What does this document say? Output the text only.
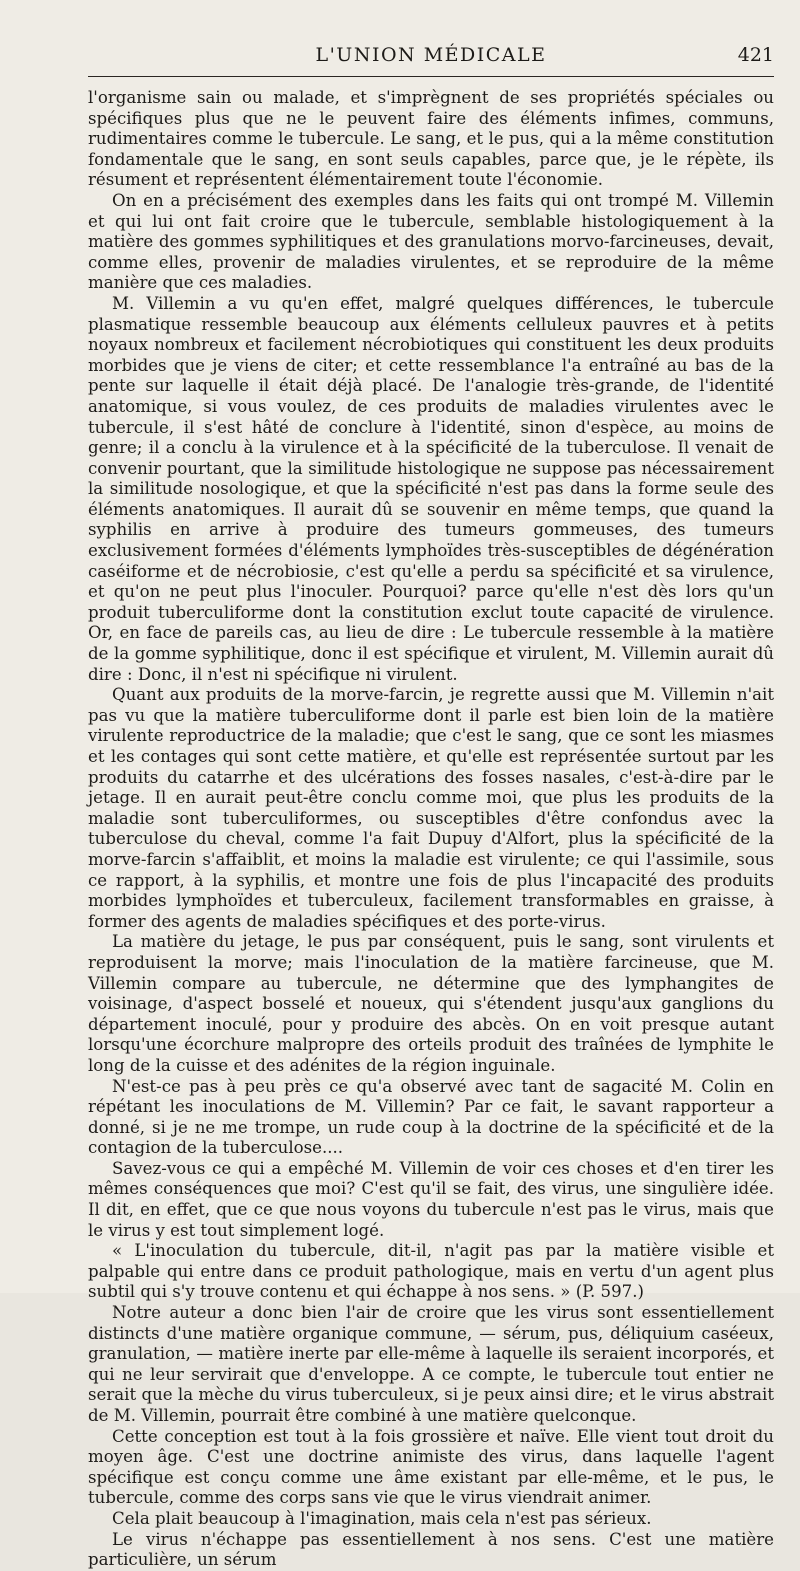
L'UNION MÉDICALE	421

l'organisme sain ou malade, et s'imprègnent de ses propriétés spéciales ou spécifiques plus que ne le peuvent faire des éléments infimes, communs, rudimentaires comme le tubercule. Le sang, et le pus, qui a la même constitution fondamentale que le sang, en sont seuls capables, parce que, je le répète, ils résument et représentent élémentairement toute l'économie.

On en a précisément des exemples dans les faits qui ont trompé M. Villemin et qui lui ont fait croire que le tubercule, semblable histologiquement à la matière des gommes syphilitiques et des granulations morvo-farcineuses, devait, comme elles, provenir de maladies virulentes, et se reproduire de la même manière que ces maladies.

M. Villemin a vu qu'en effet, malgré quelques différences, le tubercule plasmatique ressemble beaucoup aux éléments celluleux pauvres et à petits noyaux nombreux et facilement nécrobiotiques qui constituent les deux produits morbides que je viens de citer; et cette ressemblance l'a entraîné au bas de la pente sur laquelle il était déjà placé. De l'analogie très-grande, de l'identité anatomique, si vous voulez, de ces produits de maladies virulentes avec le tubercule, il s'est hâté de conclure à l'identité, sinon d'espèce, au moins de genre; il a conclu à la virulence et à la spécificité de la tuberculose. Il venait de convenir pourtant, que la similitude histologique ne suppose pas nécessairement la similitude nosologique, et que la spécificité n'est pas dans la forme seule des éléments anatomiques. Il aurait dû se souvenir en même temps, que quand la syphilis en arrive à produire des tumeurs gommeuses, des tumeurs exclusivement formées d'éléments lymphoïdes très-susceptibles de dégénération caséiforme et de nécrobiosie, c'est qu'elle a perdu sa spécificité et sa virulence, et qu'on ne peut plus l'inoculer. Pourquoi? parce qu'elle n'est dès lors qu'un produit tuberculiforme dont la constitution exclut toute capacité de virulence. Or, en face de pareils cas, au lieu de dire : Le tubercule ressemble à la matière de la gomme syphilitique, donc il est spécifique et virulent, M. Villemin aurait dû dire : Donc, il n'est ni spécifique ni virulent.

Quant aux produits de la morve-farcin, je regrette aussi que M. Villemin n'ait pas vu que la matière tuberculiforme dont il parle est bien loin de la matière virulente reproductrice de la maladie; que c'est le sang, que ce sont les miasmes et les contages qui sont cette matière, et qu'elle est représentée surtout par les produits du catarrhe et des ulcérations des fosses nasales, c'est-à-dire par le jetage. Il en aurait peut-être conclu comme moi, que plus les produits de la maladie sont tuberculiformes, ou susceptibles d'être confondus avec la tuberculose du cheval, comme l'a fait Dupuy d'Alfort, plus la spécificité de la morve-farcin s'affaiblit, et moins la maladie est virulente; ce qui l'assimile, sous ce rapport, à la syphilis, et montre une fois de plus l'incapacité des produits morbides lymphoïdes et tuberculeux, facilement transformables en graisse, à former des agents de maladies spécifiques et des porte-virus.

La matière du jetage, le pus par conséquent, puis le sang, sont virulents et reproduisent la morve; mais l'inoculation de la matière farcineuse, que M. Villemin compare au tubercule, ne détermine que des lymphangites de voisinage, d'aspect bosselé et noueux, qui s'étendent jusqu'aux ganglions du département inoculé, pour y produire des abcès. On en voit presque autant lorsqu'une écorchure malpropre des orteils produit des traînées de lymphite le long de la cuisse et des adénites de la région inguinale.

N'est-ce pas à peu près ce qu'a observé avec tant de sagacité M. Colin en répétant les inoculations de M. Villemin? Par ce fait, le savant rapporteur a donné, si je ne me trompe, un rude coup à la doctrine de la spécificité et de la contagion de la tuberculose....

Savez-vous ce qui a empêché M. Villemin de voir ces choses et d'en tirer les mêmes conséquences que moi? C'est qu'il se fait, des virus, une singulière idée. Il dit, en effet, que ce que nous voyons du tubercule n'est pas le virus, mais que le virus y est tout simplement logé.

« L'inoculation du tubercule, dit-il, n'agit pas par la matière visible et palpable qui entre dans ce produit pathologique, mais en vertu d'un agent plus subtil qui s'y trouve contenu et qui échappe à nos sens. » (P. 597.)

Notre auteur a donc bien l'air de croire que les virus sont essentiellement distincts d'une matière organique commune, — sérum, pus, déliquium caséeux, granulation, — matière inerte par elle-même à laquelle ils seraient incorporés, et qui ne leur servirait que d'enveloppe. A ce compte, le tubercule tout entier ne serait que la mèche du virus tuberculeux, si je peux ainsi dire; et le virus abstrait de M. Villemin, pourrait être combiné à une matière quelconque.

Cette conception est tout à la fois grossière et naïve. Elle vient tout droit du moyen âge. C'est une doctrine animiste des virus, dans laquelle l'agent spécifique est conçu comme une âme existant par elle-même, et le pus, le tubercule, comme des corps sans vie que le virus viendrait animer.

Cela plait beaucoup à l'imagination, mais cela n'est pas sérieux.

Le virus n'échappe pas essentiellement à nos sens. C'est une matière particulière, un sérum
